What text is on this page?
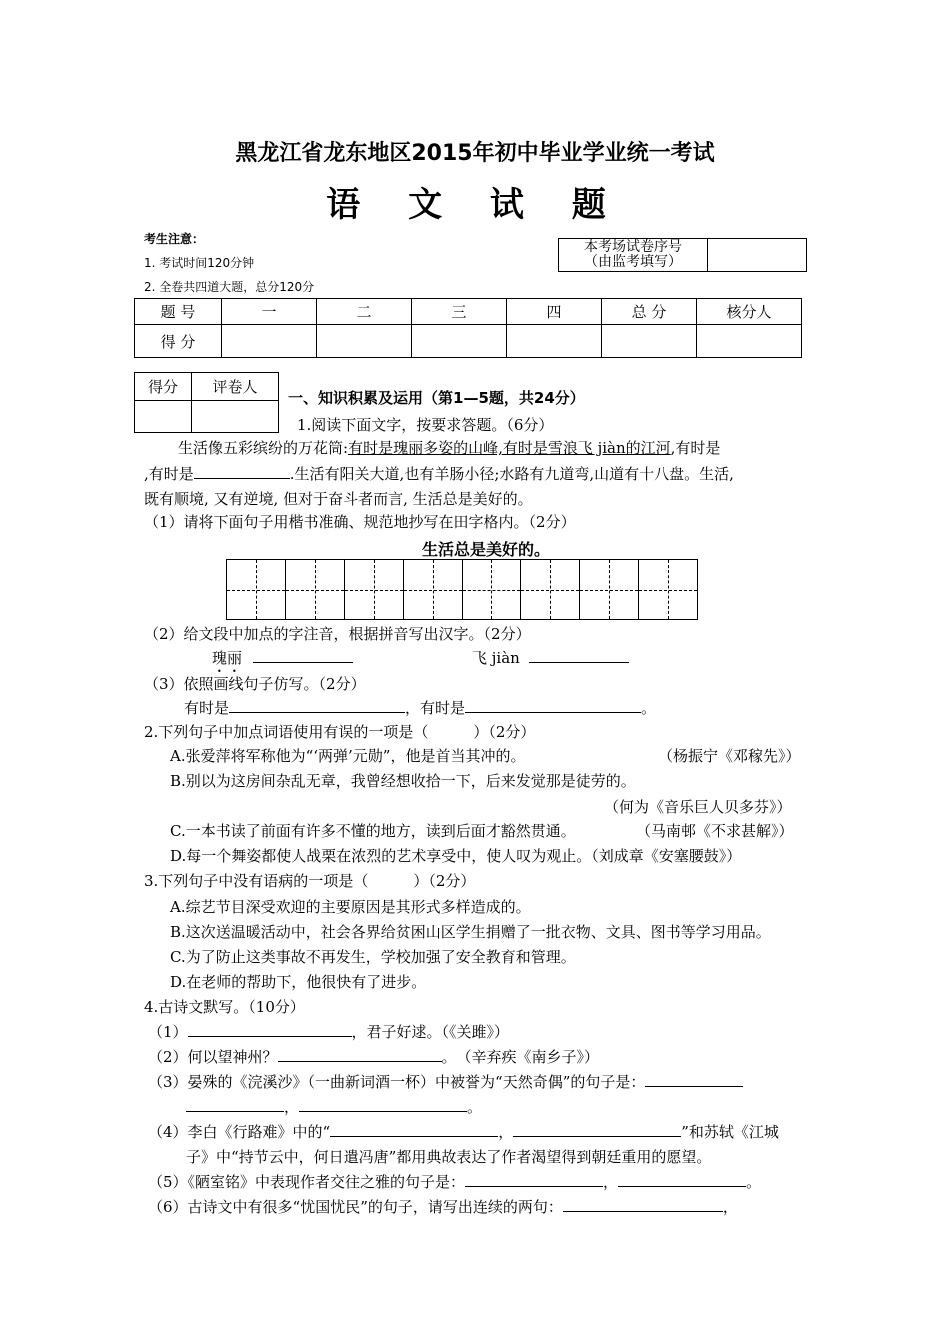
黑龙江省龙东地区2015年初中毕业学业统一考试
语 文 试 题
考生注意：
1. 考试时间120分钟
2. 全卷共四道大题，总分120分
本考场试卷序号
（由监考填写）

题 号	一	二	三	四	总 分	核分人
得 分						
得分	评卷人

一、知识积累及运用（第1—5题，共24分）
1.阅读下面文字，按要求答题。（6分）
生活像五彩缤纷的万花筒:有时是瑰丽多姿的山峰,有时是雪浪飞 jiàn的江河,有时是
,有时是	.生活有阳关大道,也有羊肠小径;水路有九道弯,山道有十八盘。生活,
既有顺境, 又有逆境, 但对于奋斗者而言, 生活总是美好的。
（1）请将下面句子用楷书准确、规范地抄写在田字格内。（2分）
生活总是美好的。
（2）给文段中加点的字注音，根据拼音写出汉字。（2分）
瑰丽	飞 jiàn
（3）依照画线句子仿写。（2分）
有时是	，有时是	。
2.下列句子中加点词语使用有误的一项是（　　　）（2分）
A.张爱萍将军称他为“‘两弹’元勋”，他是首当其冲的。	（杨振宁《邓稼先》）
B.别以为这房间杂乱无章，我曾经想收拾一下，后来发觉那是徒劳的。
（何为《音乐巨人贝多芬》）
C.一本书读了前面有许多不懂的地方，读到后面才豁然贯通。	（马南邨《不求甚解》）
D.每一个舞姿都使人战栗在浓烈的艺术享受中，使人叹为观止。（刘成章《安塞腰鼓》）
3.下列句子中没有语病的一项是（　　　）（2分）
A.综艺节目深受欢迎的主要原因是其形式多样造成的。
B.这次送温暖活动中，社会各界给贫困山区学生捐赠了一批衣物、文具、图书等学习用品。
C.为了防止这类事故不再发生，学校加强了安全教育和管理。
D.在老师的帮助下，他很快有了进步。
4.古诗文默写。（10分）
（1）	，君子好逑。（《关雎》）
（2）何以望神州？	。　（辛弃疾《南乡子》）
（3）晏殊的《浣溪沙》（一曲新词酒一杯）中被誉为“天然奇偶”的句子是：
，	。
（4）李白《行路难》中的“	，	”和苏轼《江城
子》中“持节云中，何日遣冯唐”都用典故表达了作者渴望得到朝廷重用的愿望。
（5）《陋室铭》中表现作者交往之雅的句子是：	，	。
（6）古诗文中有很多“忧国忧民”的句子，请写出连续的两句：	，
